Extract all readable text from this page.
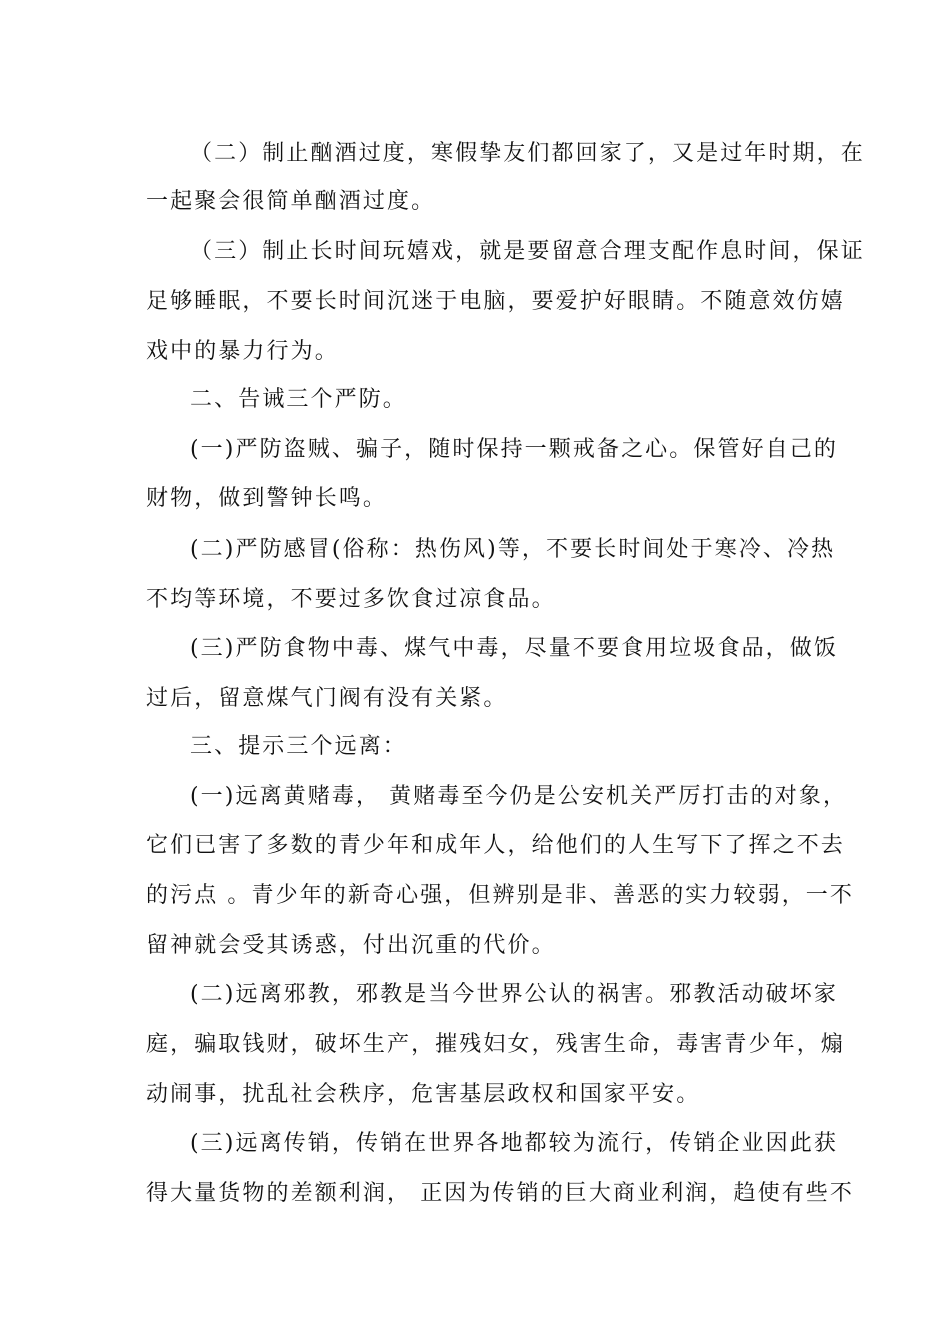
（二）制止酗酒过度，寒假挚友们都回家了，又是过年时期，在
一起聚会很简单酗酒过度。
（三）制止长时间玩嬉戏，就是要留意合理支配作息时间，保证
足够睡眠，不要长时间沉迷于电脑，要爱护好眼睛。不随意效仿嬉
戏中的暴力行为。
二、告诫三个严防。
(一)严防盗贼、骗子，随时保持一颗戒备之心。保管好自己的
财物，做到警钟长鸣。
(二)严防感冒(俗称：热伤风)等，不要长时间处于寒冷、冷热
不均等环境，不要过多饮食过凉食品。
(三)严防食物中毒、煤气中毒，尽量不要食用垃圾食品，做饭
过后，留意煤气门阀有没有关紧。
三、提示三个远离：
(一)远离黄赌毒， 黄赌毒至今仍是公安机关严厉打击的对象，
它们已害了多数的青少年和成年人，给他们的人生写下了挥之不去
的污点 。青少年的新奇心强，但辨别是非、善恶的实力较弱，一不
留神就会受其诱惑，付出沉重的代价。
(二)远离邪教，邪教是当今世界公认的祸害。邪教活动破坏家
庭，骗取钱财，破坏生产，摧残妇女，残害生命，毒害青少年，煽
动闹事，扰乱社会秩序，危害基层政权和国家平安。
(三)远离传销，传销在世界各地都较为流行，传销企业因此获
得大量货物的差额利润， 正因为传销的巨大商业利润，趋使有些不
